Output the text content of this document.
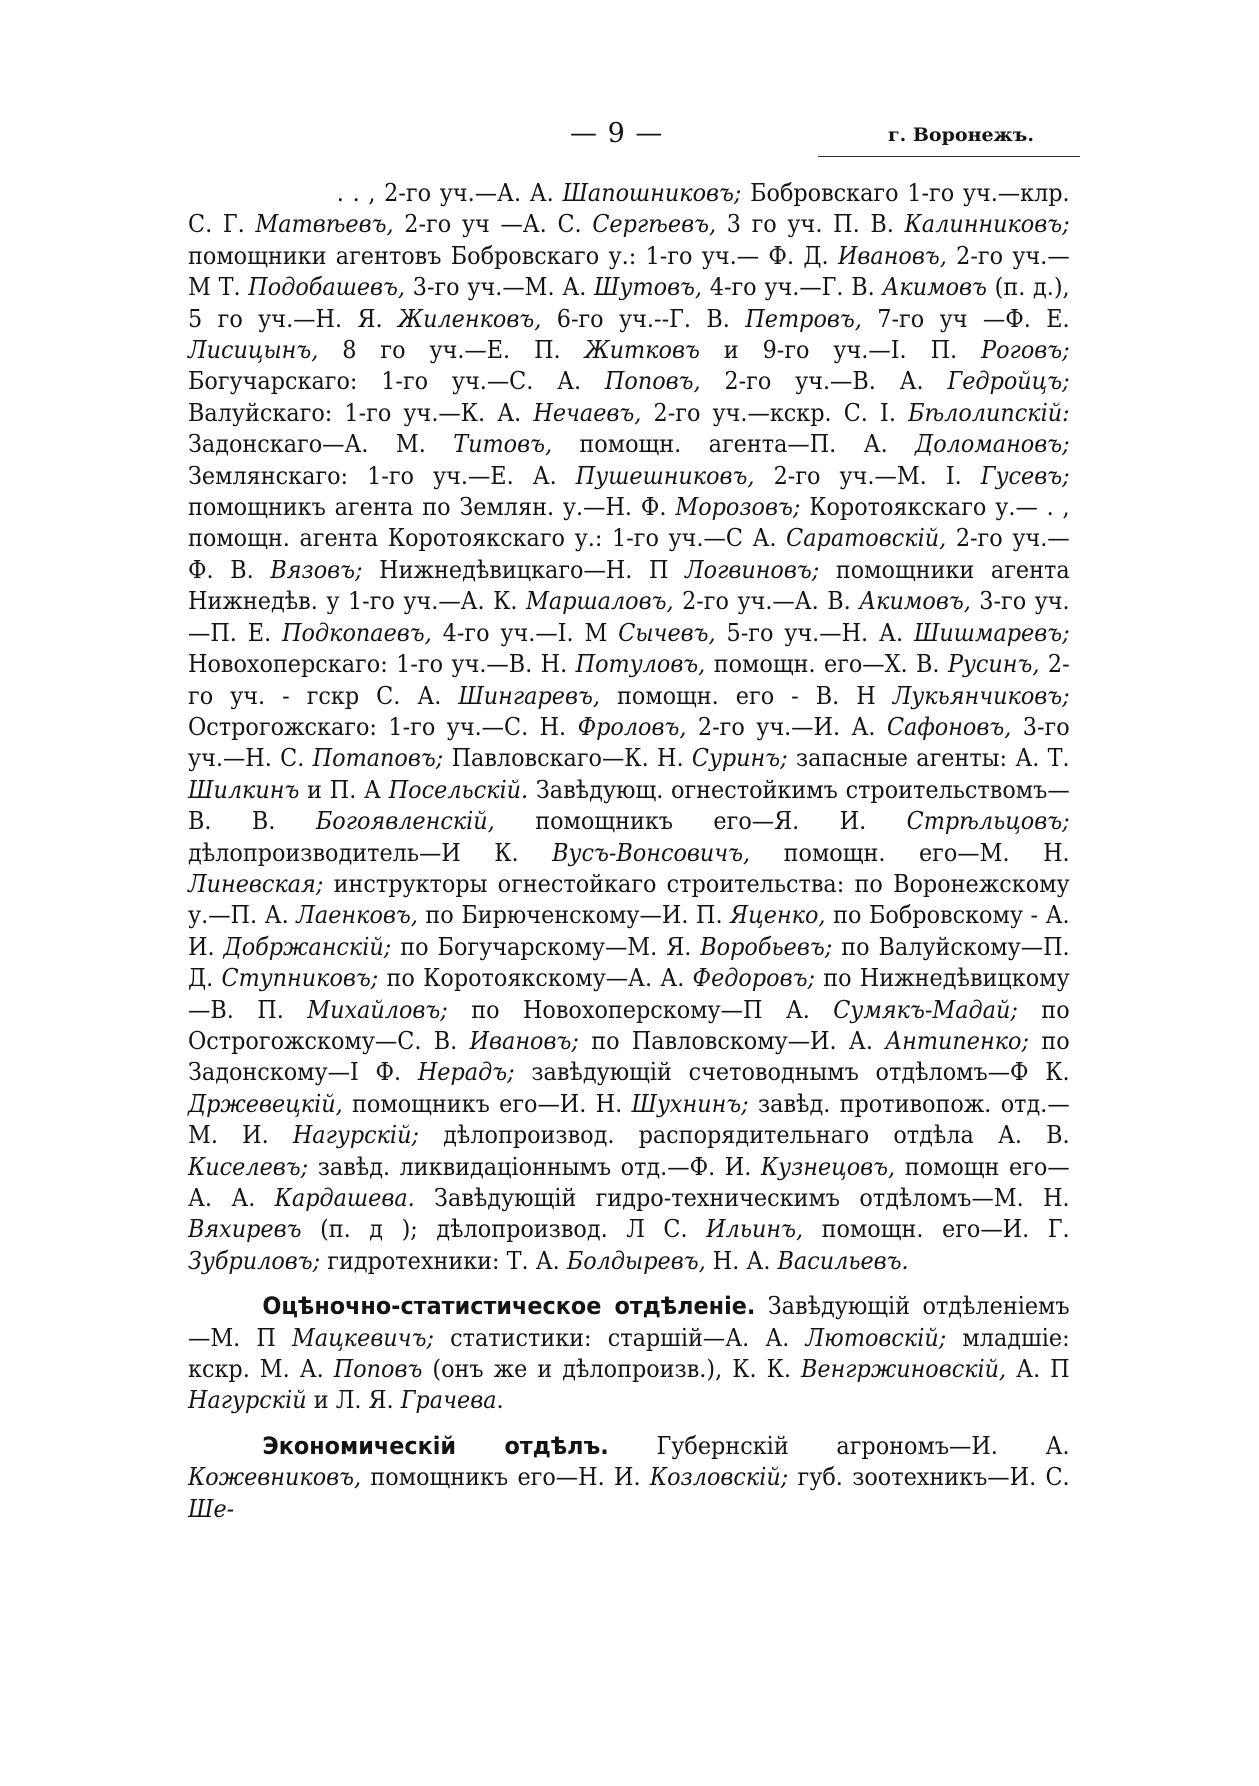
— 9 —	г. Воронежъ.

. . , 2-го уч.—А. А. Шапошниковъ; Бобровскаго 1-го уч.—клр. С. Г. Матвѣевъ, 2-го уч —А. С. Сергѣевъ, 3 го уч. П. В. Калинниковъ; помощники агентовъ Бобровскаго у.: 1-го уч.— Ф. Д. Ивановъ, 2-го уч.—М Т. Подобашевъ, 3-го уч.—М. А. Шутовъ, 4-го уч.—Г. В. Акимовъ (п. д.), 5 го уч.—Н. Я. Жиленковъ, 6-го уч.--Г. В. Петровъ, 7-го уч —Ф. Е. Лисицынъ, 8 го уч.—Е. П. Житковъ и 9-го уч.—І. П. Роговъ; Богучарскаго: 1-го уч.—С. А. Поповъ, 2-го уч.—В. А. Гедройцъ; Валуйскаго: 1-го уч.—К. А. Нечаевъ, 2-го уч.—кскр. С. І. Бѣлолипскій: Задонскаго—А. М. Титовъ, помощн. агента—П. А. Доломановъ; Землянскаго: 1-го уч.—Е. А. Пушешниковъ, 2-го уч.—М. І. Гусевъ; помощникъ агента по Землян. у.—Н. Ф. Морозовъ; Коротоякскаго у.— . , помощн. агента Коротоякскаго у.: 1-го уч.—С А. Саратовскій, 2-го уч.—Ф. В. Вязовъ; Нижнедѣвицкаго—Н. П Логвиновъ; помощники агента Нижнедѣв. у 1-го уч.—А. К. Маршаловъ, 2-го уч.—А. В. Акимовъ, 3-го уч.—П. Е. Подкопаевъ, 4-го уч.—І. М Сычевъ, 5-го уч.—Н. А. Шишмаревъ; Новохоперскаго: 1-го уч.—В. Н. Потуловъ, помощн. его—Х. В. Русинъ, 2-го уч. - гскр С. А. Шингаревъ, помощн. его - В. Н Лукьянчиковъ; Острогожскаго: 1-го уч.—С. Н. Фроловъ, 2-го уч.—И. А. Сафоновъ, 3-го уч.—Н. С. Потаповъ; Павловскаго—К. Н. Суринъ; запасные агенты: А. Т. Шилкинъ и П. А Посельскій. Завѣдующ. огнестойкимъ строительствомъ—В. В. Богоявленскій, помощникъ его—Я. И. Стрѣльцовъ; дѣлопроизводитель—И К. Вусъ-Вонсовичъ, помощн. его—М. Н. Линевская; инструкторы огнестойкаго строительства: по Воронежскому у.—П. А. Лаенковъ, по Бирюченскому—И. П. Яценко, по Бобровскому - А. И. Добржанскій; по Богучарскому—М. Я. Воробьевъ; по Валуйскому—П. Д. Ступниковъ; по Коротоякскому—А. А. Федоровъ; по Нижнедѣвицкому—В. П. Михайловъ; по Новохоперскому—П А. Сумякъ-Мадай; по Острогожскому—С. В. Ивановъ; по Павловскому—И. А. Антипенко; по Задонскому—І Ф. Нерадъ; завѣдующій счетоводнымъ отдѣломъ—Ф К. Држевецкій, помощникъ его—И. Н. Шухнинъ; завѣд. противопож. отд.—М. И. Нагурскій; дѣлопроизвод. распорядительнаго отдѣла А. В. Киселевъ; завѣд. ликвидаціоннымъ отд.—Ф. И. Кузнецовъ, помощн его—А. А. Кардашева. Завѣдующій гидро-техническимъ отдѣломъ—М. Н. Вяхиревъ (п. д ); дѣлопроизвод. Л С. Ильинъ, помощн. его—И. Г. Зубриловъ; гидротехники: Т. А. Болдыревъ, Н. А. Васильевъ.

Оцѣночно-статистическое отдѣленіе. Завѣдующій отдѣленіемъ—М. П Мацкевичъ; статистики: старшій—А. А. Лютовскій; младшіе: кскр. М. А. Поповъ (онъ же и дѣлопроизв.), К. К. Венгржиновскій, А. П Нагурскій и Л. Я. Грачева.

Экономическій отдѣлъ. Губернскій агрономъ—И. А. Кожевниковъ, помощникъ его—Н. И. Козловскій; губ. зоотехникъ—И. С. Ше-
